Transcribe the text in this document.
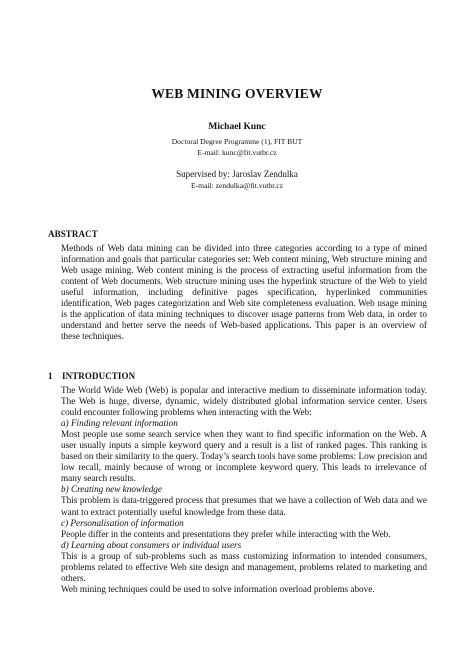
WEB MINING OVERVIEW
Michael Kunc
Doctoral Degree Programme (1), FIT BUT
E-mail: kunc@fit.vutbr.cz
Supervised by: Jaroslav Zendulka
E-mail: zendulka@fit.vutbr.cz
ABSTRACT

Methods of Web data mining can be divided into three categories according to a type of mined information and goals that particular categories set: Web content mining, Web structure mining and Web usage mining. Web content mining is the process of extracting useful information from the content of Web documents. Web structure mining uses the hyperlink structure of the Web to yield useful information, including definitive pages specification, hyperlinked communities identification, Web pages categorization and Web site completeness evaluation. Web usage mining is the application of data mining techniques to discover usage patterns from Web data, in order to understand and better serve the needs of Web-based applications. This paper is an overview of these techniques.

1 INTRODUCTION

The World Wide Web (Web) is popular and interactive medium to disseminate information today. The Web is huge, diverse, dynamic, widely distributed global information service center. Users could encounter following problems when interacting with the Web:

a) Finding relevant information

Most people use some search service when they want to find specific information on the Web. A user usually inputs a simple keyword query and a result is a list of ranked pages. This ranking is based on their similarity to the query. Today’s search tools have some problems: Low precision and low recall, mainly because of wrong or incomplete keyword query. This leads to irrelevance of many search results.

b) Creating new knowledge

This problem is data-triggered process that presumes that we have a collection of Web data and we want to extract potentially useful knowledge from these data.

c) Personalisation of information

People differ in the contents and presentations they prefer while interacting with the Web.

d) Learning about consumers or individual users

This is a group of sub-problems such as mass customizing information to intended consumers, problems related to effective Web site design and management, problems related to marketing and others.

Web mining techniques could be used to solve information overload problems above.
